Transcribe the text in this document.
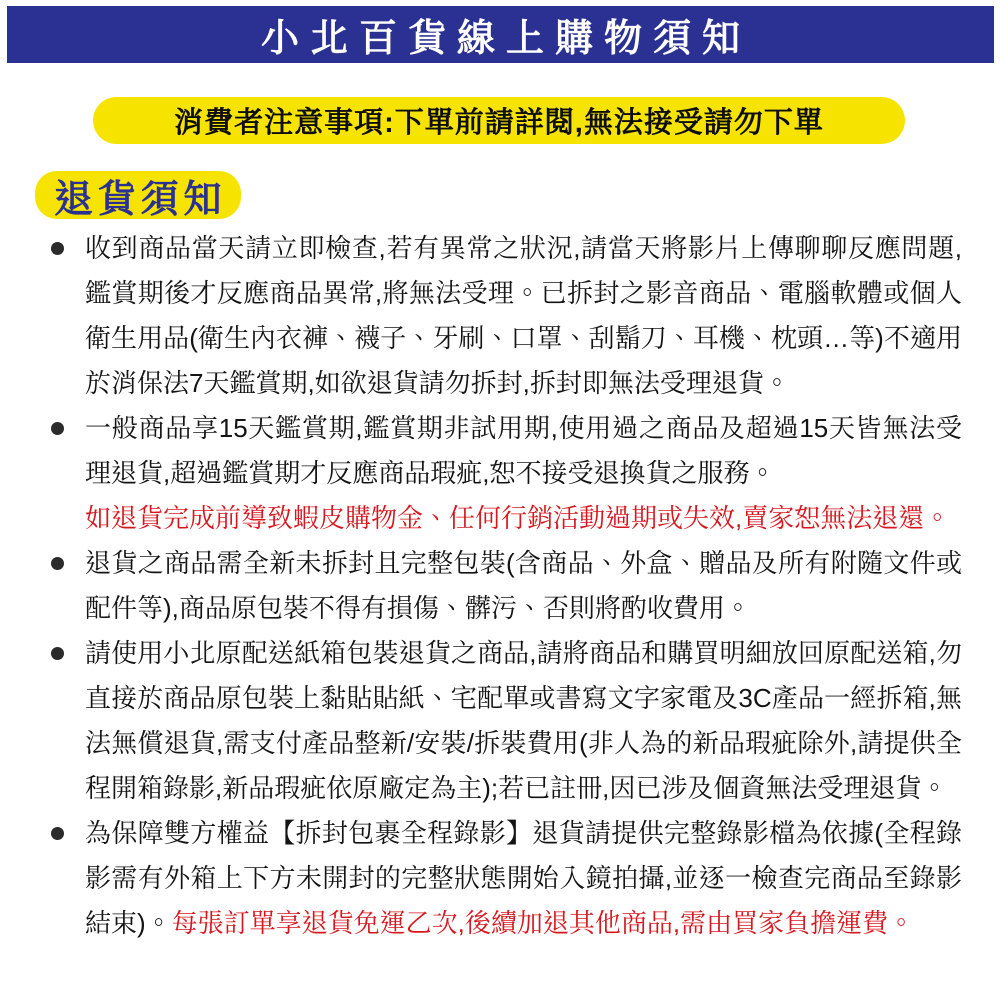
小北百貨線上購物須知
消費者注意事項:下單前請詳閱,無法接受請勿下單
退貨須知
收到商品當天請立即檢查,若有異常之狀況,請當天將影片上傳聊聊反應問題,鑑賞期後才反應商品異常,將無法受理。已拆封之影音商品、電腦軟體或個人衛生用品(衛生內衣褲、襪子、牙刷、口罩、刮鬍刀、耳機、枕頭…等)不適用於消保法7天鑑賞期,如欲退貨請勿拆封,拆封即無法受理退貨。
一般商品享15天鑑賞期,鑑賞期非試用期,使用過之商品及超過15天皆無法受理退貨,超過鑑賞期才反應商品瑕疵,恕不接受退換貨之服務。
如退貨完成前導致蝦皮購物金、任何行銷活動過期或失效,賣家恕無法退還。
退貨之商品需全新未拆封且完整包裝(含商品、外盒、贈品及所有附隨文件或配件等),商品原包裝不得有損傷、髒污、否則將酌收費用。
請使用小北原配送紙箱包裝退貨之商品,請將商品和購買明細放回原配送箱,勿直接於商品原包裝上黏貼貼紙、宅配單或書寫文字家電及3C產品一經拆箱,無法無償退貨,需支付產品整新/安裝/拆裝費用(非人為的新品瑕疵除外,請提供全程開箱錄影,新品瑕疵依原廠定為主);若已註冊,因已涉及個資無法受理退貨。
為保障雙方權益【拆封包裹全程錄影】退貨請提供完整錄影檔為依據(全程錄影需有外箱上下方未開封的完整狀態開始入鏡拍攝,並逐一檢查完商品至錄影結束)。每張訂單享退貨免運乙次,後續加退其他商品,需由買家負擔運費。
